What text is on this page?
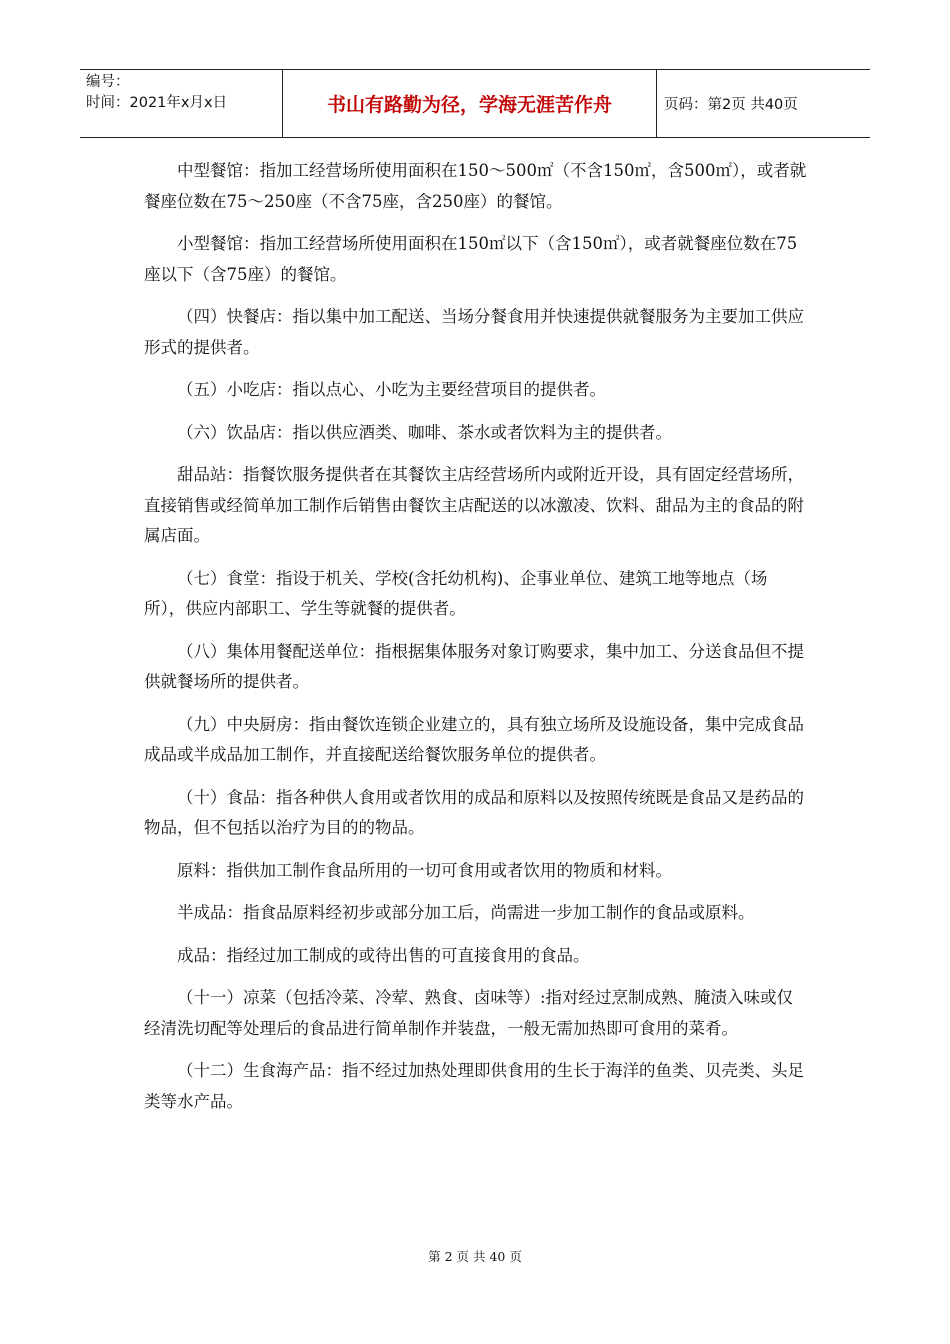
编号：
时间：2021年x月x日	书山有路勤为径，学海无涯苦作舟	页码：第2页 共40页

中型餐馆：指加工经营场所使用面积在150～500㎡（不含150㎡，含500㎡），或者就餐座位数在75～250座（不含75座，含250座）的餐馆。

小型餐馆：指加工经营场所使用面积在150㎡以下（含150㎡），或者就餐座位数在75座以下（含75座）的餐馆。

（四）快餐店：指以集中加工配送、当场分餐食用并快速提供就餐服务为主要加工供应形式的提供者。

（五）小吃店：指以点心、小吃为主要经营项目的提供者。

（六）饮品店：指以供应酒类、咖啡、茶水或者饮料为主的提供者。

甜品站：指餐饮服务提供者在其餐饮主店经营场所内或附近开设，具有固定经营场所，直接销售或经简单加工制作后销售由餐饮主店配送的以冰激凌、饮料、甜品为主的食品的附属店面。

（七）食堂：指设于机关、学校(含托幼机构)、企事业单位、建筑工地等地点（场所），供应内部职工、学生等就餐的提供者。

（八）集体用餐配送单位：指根据集体服务对象订购要求，集中加工、分送食品但不提供就餐场所的提供者。

（九）中央厨房：指由餐饮连锁企业建立的，具有独立场所及设施设备，集中完成食品成品或半成品加工制作，并直接配送给餐饮服务单位的提供者。

（十）食品：指各种供人食用或者饮用的成品和原料以及按照传统既是食品又是药品的物品，但不包括以治疗为目的的物品。

原料：指供加工制作食品所用的一切可食用或者饮用的物质和材料。

半成品：指食品原料经初步或部分加工后，尚需进一步加工制作的食品或原料。

成品：指经过加工制成的或待出售的可直接食用的食品。

（十一）凉菜（包括冷菜、冷荤、熟食、卤味等）:指对经过烹制成熟、腌渍入味或仅经清洗切配等处理后的食品进行简单制作并装盘，一般无需加热即可食用的菜肴。

（十二）生食海产品：指不经过加热处理即供食用的生长于海洋的鱼类、贝壳类、头足类等水产品。

第 2 页 共 40 页
